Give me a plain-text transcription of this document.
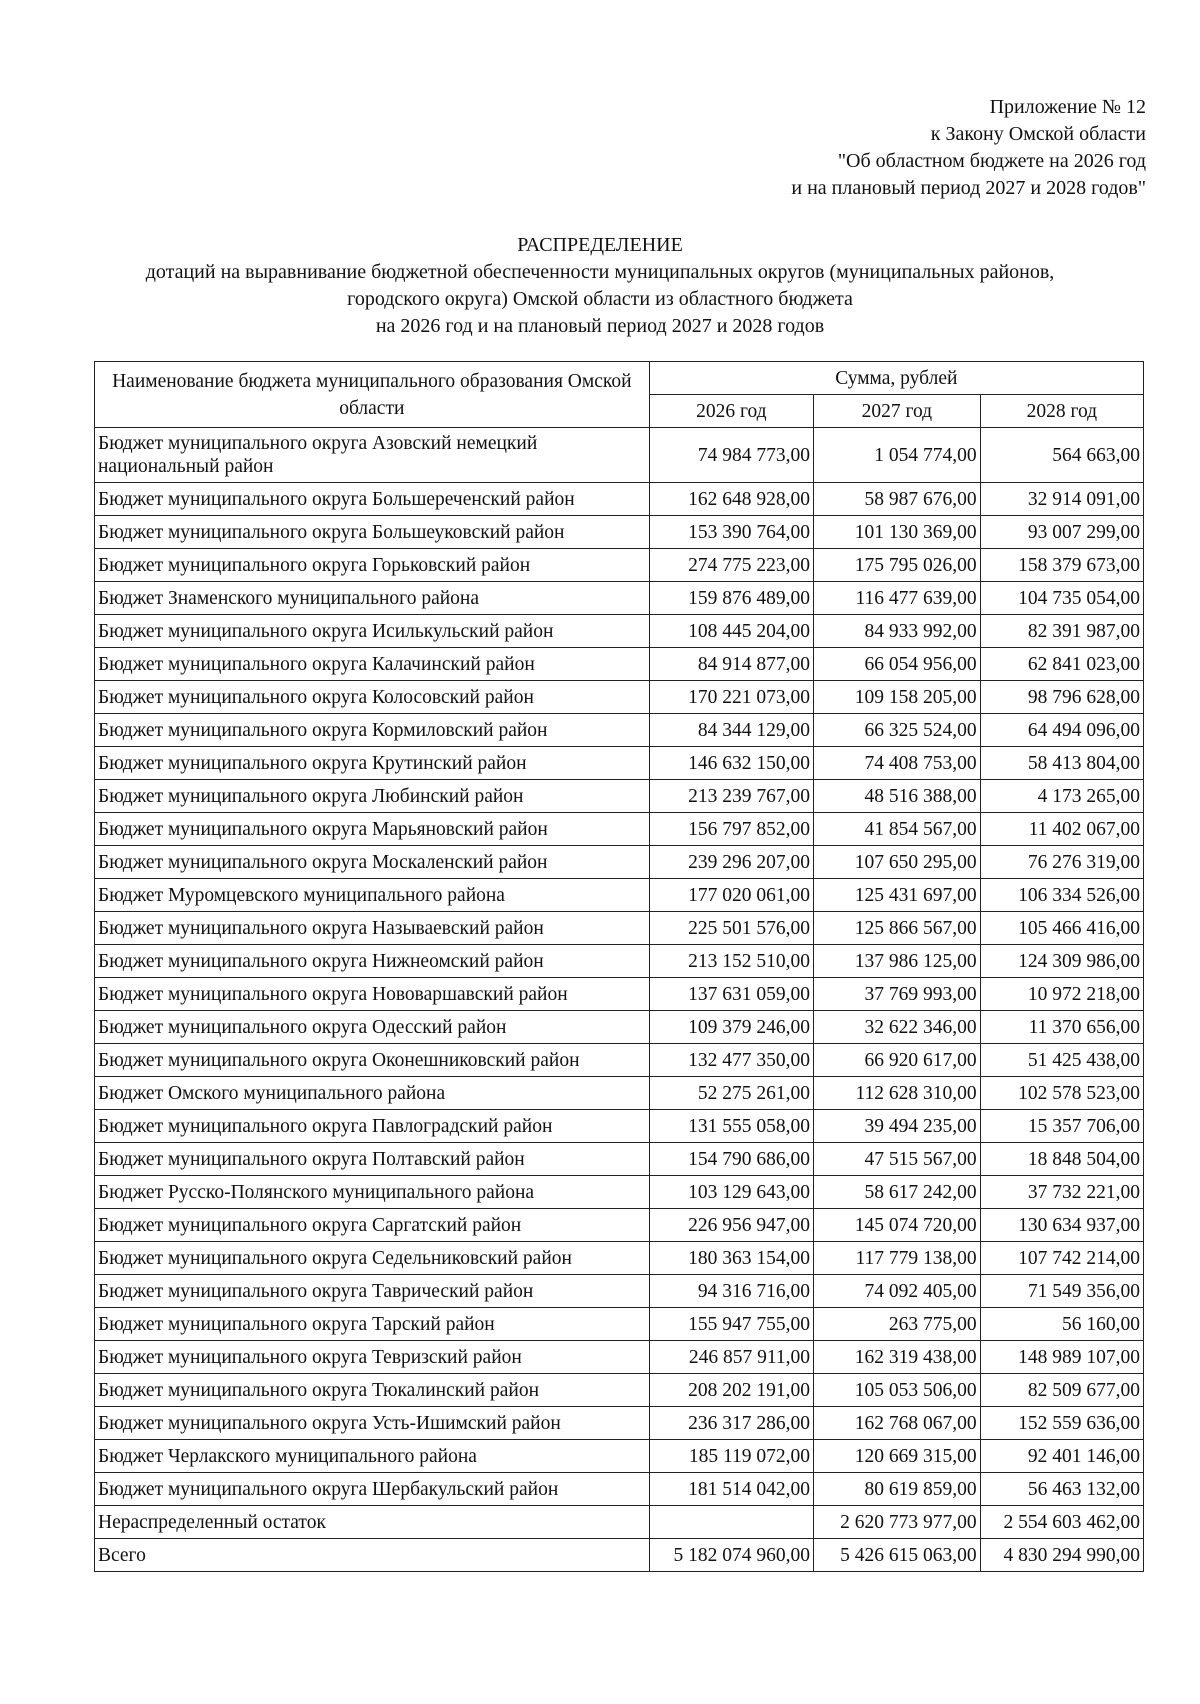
Приложение № 12
к Закону Омской области
"Об областном бюджете на 2026 год
и на плановый период 2027 и 2028 годов"
РАСПРЕДЕЛЕНИЕ
дотаций на выравнивание бюджетной обеспеченности муниципальных округов (муниципальных районов,
городского округа) Омской области из областного бюджета
на 2026 год и на плановый период 2027 и 2028 годов
Наименование бюджета муниципального образования Омской области	Сумма, рублей		
	2026 год	2027 год	2028 год
Бюджет муниципального округа Азовский немецкий национальный район	74 984 773,00	1 054 774,00	564 663,00
Бюджет муниципального округа Большереченский район	162 648 928,00	58 987 676,00	32 914 091,00
Бюджет муниципального округа Большеуковский район	153 390 764,00	101 130 369,00	93 007 299,00
Бюджет муниципального округа Горьковский район	274 775 223,00	175 795 026,00	158 379 673,00
Бюджет Знаменского муниципального района	159 876 489,00	116 477 639,00	104 735 054,00
Бюджет муниципального округа Исилькульский район	108 445 204,00	84 933 992,00	82 391 987,00
Бюджет муниципального округа Калачинский район	84 914 877,00	66 054 956,00	62 841 023,00
Бюджет муниципального округа Колосовский район	170 221 073,00	109 158 205,00	98 796 628,00
Бюджет муниципального округа Кормиловский район	84 344 129,00	66 325 524,00	64 494 096,00
Бюджет муниципального округа Крутинский район	146 632 150,00	74 408 753,00	58 413 804,00
Бюджет муниципального округа Любинский район	213 239 767,00	48 516 388,00	4 173 265,00
Бюджет муниципального округа Марьяновский район	156 797 852,00	41 854 567,00	11 402 067,00
Бюджет муниципального округа Москаленский район	239 296 207,00	107 650 295,00	76 276 319,00
Бюджет Муромцевского муниципального района	177 020 061,00	125 431 697,00	106 334 526,00
Бюджет муниципального округа Называевский район	225 501 576,00	125 866 567,00	105 466 416,00
Бюджет муниципального округа Нижнеомский район	213 152 510,00	137 986 125,00	124 309 986,00
Бюджет муниципального округа Нововаршавский район	137 631 059,00	37 769 993,00	10 972 218,00
Бюджет муниципального округа Одесский район	109 379 246,00	32 622 346,00	11 370 656,00
Бюджет муниципального округа Оконешниковский район	132 477 350,00	66 920 617,00	51 425 438,00
Бюджет Омского муниципального района	52 275 261,00	112 628 310,00	102 578 523,00
Бюджет муниципального округа Павлоградский район	131 555 058,00	39 494 235,00	15 357 706,00
Бюджет муниципального округа Полтавский район	154 790 686,00	47 515 567,00	18 848 504,00
Бюджет Русско-Полянского муниципального района	103 129 643,00	58 617 242,00	37 732 221,00
Бюджет муниципального округа Саргатский район	226 956 947,00	145 074 720,00	130 634 937,00
Бюджет муниципального округа Седельниковский район	180 363 154,00	117 779 138,00	107 742 214,00
Бюджет муниципального округа Таврический район	94 316 716,00	74 092 405,00	71 549 356,00
Бюджет муниципального округа Тарский район	155 947 755,00	263 775,00	56 160,00
Бюджет муниципального округа Тевризский район	246 857 911,00	162 319 438,00	148 989 107,00
Бюджет муниципального округа Тюкалинский район	208 202 191,00	105 053 506,00	82 509 677,00
Бюджет муниципального округа Усть-Ишимский район	236 317 286,00	162 768 067,00	152 559 636,00
Бюджет Черлакского муниципального района	185 119 072,00	120 669 315,00	92 401 146,00
Бюджет муниципального округа Шербакульский район	181 514 042,00	80 619 859,00	56 463 132,00
Нераспределенный остаток		2 620 773 977,00	2 554 603 462,00
Всего	5 182 074 960,00	5 426 615 063,00	4 830 294 990,00
